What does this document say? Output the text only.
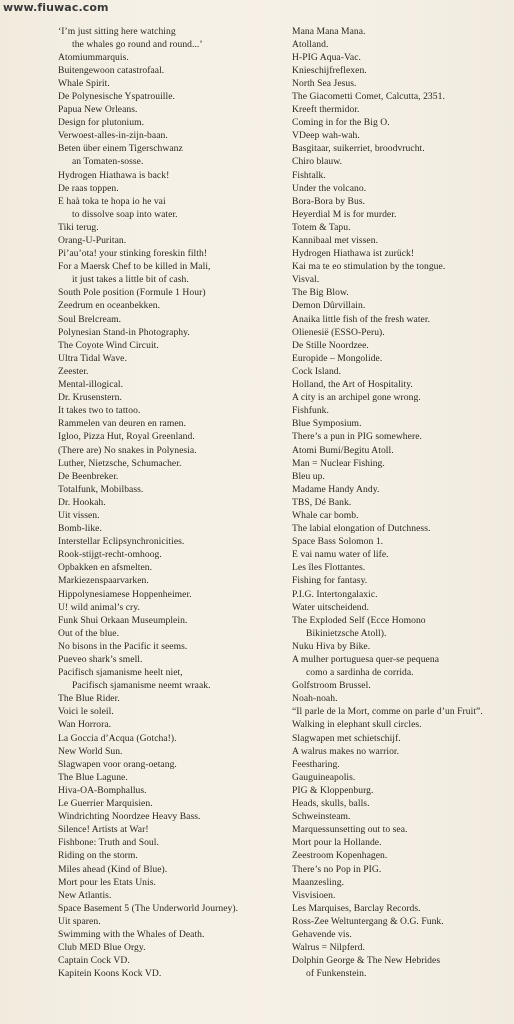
www.fiuwac.com
‘I’m just sitting here watching
the whales go round and round...’
Atomiummarquis.
Buitengewoon catastrofaal.
Whale Spirit.
De Polynesische Yspatrouille.
Papua New Orleans.
Design for plutonium.
Verwoest-alles-in-zijn-baan.
Beten über einem Tigerschwanz
an Tomaten-sosse.
Hydrogen Hiathawa is back!
De raas toppen.
E haà toka te hopa io he vai
to dissolve soap into water.
Tiki terug.
Orang-U-Puritan.
Pi’au’ota! your stinking foreskin filth!
For a Maersk Chef to be killed in Mali,
it just takes a little bit of cash.
South Pole position (Formule 1 Hour)
Zeedrum en oceanbekken.
Soul Brelcream.
Polynesian Stand-in Photography.
The Coyote Wind Circuit.
Ultra Tidal Wave.
Zeester.
Mental-illogical.
Dr. Krusenstern.
It takes two to tattoo.
Rammelen van deuren en ramen.
Igloo, Pizza Hut, Royal Greenland.
(There are) No snakes in Polynesia.
Luther, Nietzsche, Schumacher.
De Beenbreker.
Totalfunk, Mobilbass.
Dr. Hookah.
Uit vissen.
Bomb-like.
Interstellar Eclipsynchronicities.
Rook-stijgt-recht-omhoog.
Opbakken en afsmelten.
Markiezenspaarvarken.
Hippolynesiamese Hoppenheimer.
U! wild animal’s cry.
Funk Shui Orkaan Museumplein.
Out of the blue.
No bisons in the Pacific it seems.
Pueveo shark’s smell.
Pacifisch sjamanisme heelt niet,
Pacifisch sjamanisme neemt wraak.
The Blue Rider.
Voici le soleil.
Wan Horrora.
La Goccia d’Acqua (Gotcha!).
New World Sun.
Slagwapen voor orang-oetang.
The Blue Lagune.
Hiva-OA-Bomphallus.
Le Guerrier Marquisien.
Windrichting Noordzee Heavy Bass.
Silence! Artists at War!
Fishbone: Truth and Soul.
Riding on the storm.
Miles ahead (Kind of Blue).
Mort pour les Etats Unis.
New Atlantis.
Space Basement 5 (The Underworld Journey).
Uit sparen.
Swimming with the Whales of Death.
Club MED Blue Orgy.
Captain Cock VD.
Kapitein Koons Kock VD.
Mana Mana Mana.
Atolland.
H-PIG Aqua-Vac.
Knieschijfreflexen.
North Sea Jesus.
The Giacometti Comet, Calcutta, 2351.
Kreeft thermidor.
Coming in for the Big O.
VDeep wah-wah.
Basgitaar, suikerriet, broodvrucht.
Chiro blauw.
Fishtalk.
Under the volcano.
Bora-Bora by Bus.
Heyerdial M is for murder.
Totem & Tapu.
Kannibaal met vissen.
Hydrogen Hiathawa ist zurück!
Kai ma te eo stimulation by the tongue.
Visval.
The Big Blow.
Demon Dûrvillain.
Anaika little fish of the fresh water.
Olienesië (ESSO-Peru).
De Stille Noordzee.
Europide – Mongolide.
Cock Island.
Holland, the Art of Hospitality.
A city is an archipel gone wrong.
Fishfunk.
Blue Symposium.
There’s a pun in PIG somewhere.
Atomi Bumi/Begitu Atoll.
Man = Nuclear Fishing.
Bleu up.
Madame Handy Andy.
TBS, Dé Bank.
Whale car bomb.
The labial elongation of Dutchness.
Space Bass Solomon 1.
E vai namu water of life.
Les îles Flottantes.
Fishing for fantasy.
P.I.G. Intertongalaxic.
Water uitscheidend.
The Exploded Self (Ecce Homono
Bikinietzsche Atoll).
Nuku Hiva by Bike.
A mulher portuguesa quer-se pequena
como a sardinha de corrida.
Golfstroom Brussel.
Noah-noah.
“Il parle de la Mort, comme on parle d’un Fruit”.
Walking in elephant skull circles.
Slagwapen met schietschijf.
A walrus makes no warrior.
Feestharing.
Gauguineapolis.
PIG & Kloppenburg.
Heads, skulls, balls.
Schweinsteam.
Marquessunsetting out to sea.
Mort pour la Hollande.
Zeestroom Kopenhagen.
There’s no Pop in PIG.
Maanzesling.
Visvisioen.
Les Marquises, Barclay Records.
Ross-Zee Weltuntergang & O.G. Funk.
Gehavende vis.
Walrus = Nilpferd.
Dolphin George & The New Hebrides
of Funkenstein.
